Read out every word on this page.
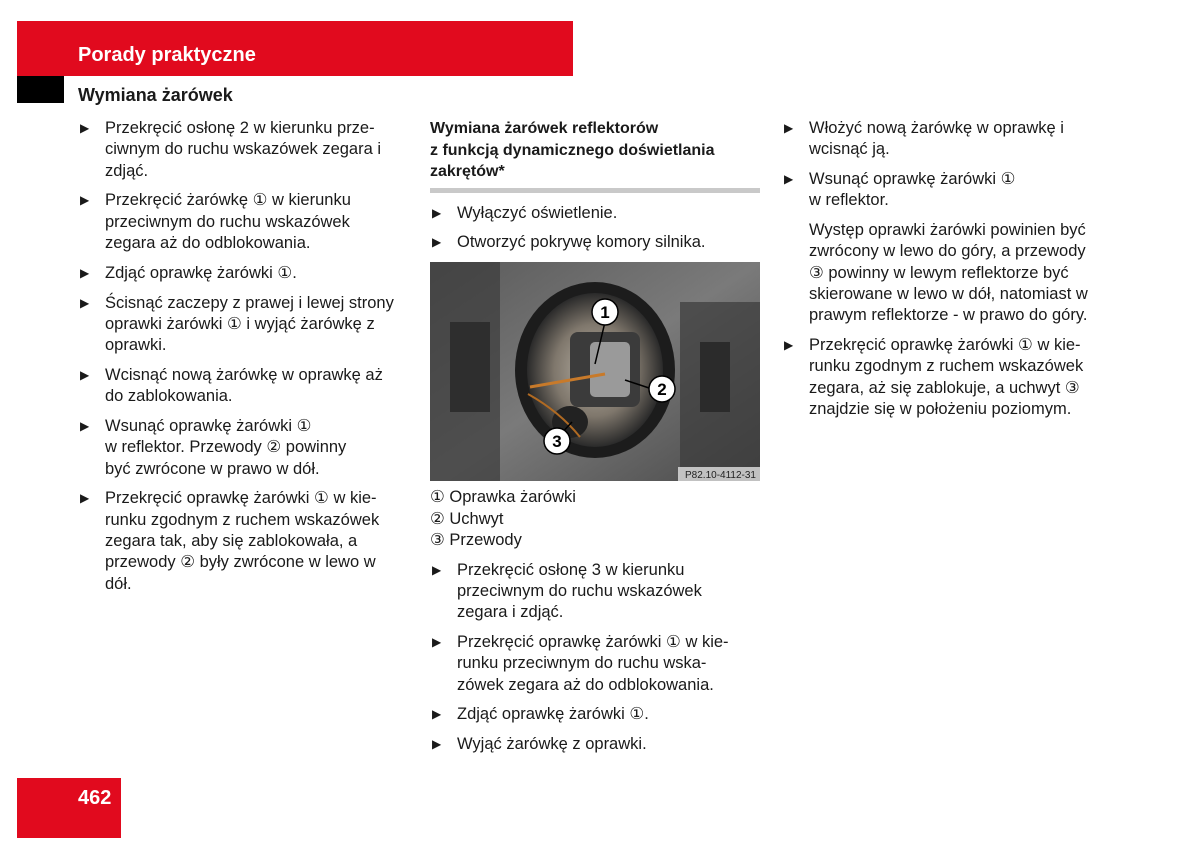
Porady praktyczne
Wymiana żarówek
▶ Przekręcić osłonę 2 w kierunku prze-
ciwnym do ruchu wskazówek zegara i
zdjąć.
▶ Przekręcić żarówkę ① w kierunku
przeciwnym do ruchu wskazówek
zegara aż do odblokowania.
▶ Zdjąć oprawkę żarówki ①.
▶ Ścisnąć zaczepy z prawej i lewej strony
oprawki żarówki ① i wyjąć żarówkę z
oprawki.
▶ Wcisnąć nową żarówkę w oprawkę aż
do zablokowania.
▶ Wsunąć oprawkę żarówki ①
w reflektor. Przewody ② powinny
być zwrócone w prawo w dół.
▶ Przekręcić oprawkę żarówki ① w kie-
runku zgodnym z ruchem wskazówek
zegara tak, aby się zablokowała, a
przewody ② były zwrócone w lewo w
dół.
Wymiana żarówek reflektorów
z funkcją dynamicznego doświetlania
zakrętów*
▶ Wyłączyć oświetlenie.
▶ Otworzyć pokrywę komory silnika.
1
2
3
P82.10-4112-31
① Oprawka żarówki
② Uchwyt
③ Przewody
▶ Przekręcić osłonę 3 w kierunku
przeciwnym do ruchu wskazówek
zegara i zdjąć.
▶ Przekręcić oprawkę żarówki ① w kie-
runku przeciwnym do ruchu wska-
zówek zegara aż do odblokowania.
▶ Zdjąć oprawkę żarówki ①.
▶ Wyjąć żarówkę z oprawki.
▶ Włożyć nową żarówkę w oprawkę i
wcisnąć ją.
▶ Wsunąć oprawkę żarówki ①
w reflektor.
Występ oprawki żarówki powinien być
zwrócony w lewo do góry, a przewody
③ powinny w lewym reflektorze być
skierowane w lewo w dół, natomiast w
prawym reflektorze - w prawo do góry.
▶ Przekręcić oprawkę żarówki ① w kie-
runku zgodnym z ruchem wskazówek
zegara, aż się zablokuje, a uchwyt ③
znajdzie się w położeniu poziomym.
462
